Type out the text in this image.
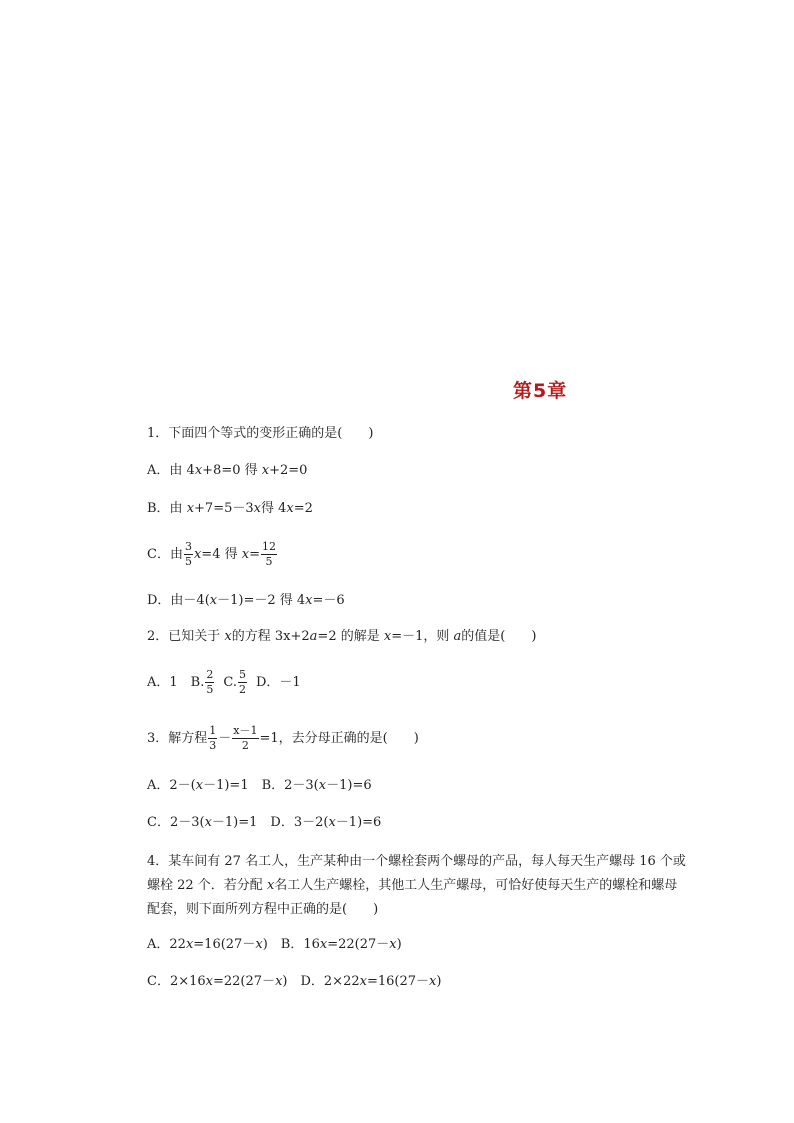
第5章
1．下面四个等式的变形正确的是(　　)
A．由 4x+8=0 得 x+2=0
B．由 x+7=5－3x得 4x=2
C．由 $\frac{3}{5} x=4$ 得 $x= \frac{12}{5}$
D．由－4(x－1)=－2 得 4x=－6
2．已知关于 x的方程 3x+2a=2 的解是 x=－1，则 a的值是(　　)
A．1　B. $\frac{2}{5} C$. $\frac{5}{2}$ D．－1
3．解方程 $\frac{1}{3} - \frac{x-1}{2} =1$，去分母正确的是(　　)
A．2－(x－1)=1　B．2－3(x－1)=6
C．2－3(x－1)=1　D．3－2(x－1)=6
4．某车间有 27 名工人，生产某种由一个螺栓套两个螺母的产品，每人每天生产螺母 16 个或螺栓 22 个．若分配 x名工人生产螺栓，其他工人生产螺母，可恰好使每天生产的螺栓和螺母配套，则下面所列方程中正确的是(　　)
A．22x=16(27－x)　B．16x=22(27－x)
C．2×16x=22(27－x)　D．2×22x=16(27－x)
